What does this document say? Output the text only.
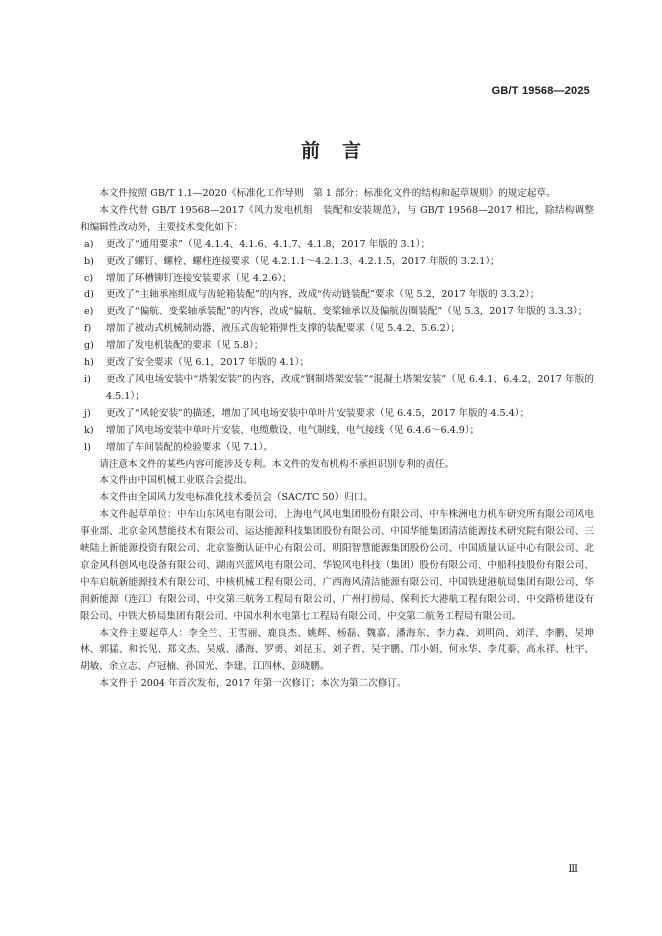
GB/T 19568—2025
前言

本文件按照 GB/T 1.1—2020《标准化工作导则　第 1 部分：标准化文件的结构和起草规则》的规定起草。

本文件代替 GB/T 19568—2017《风力发电机组　装配和安装规范》，与 GB/T 19568—2017 相比，除结构调整和编辑性改动外，主要技术变化如下：

a)	更改了“通用要求”（见 4.1.4、4.1.6、4.1.7、4.1.8，2017 年版的 3.1）；
b)	更改了螺钉、螺栓、螺柱连接要求（见 4.2.1.1～4.2.1.3、4.2.1.5，2017 年版的 3.2.1）；
c)	增加了环槽铆钉连接安装要求（见 4.2.6）；
d)	更改了“主轴承座组成与齿轮箱装配”的内容，改成“传动链装配”要求（见 5.2，2017 年版的 3.3.2）；
e)	更改了“偏航、变桨轴承装配”的内容，改成“偏航、变桨轴承以及偏航齿圈装配”（见 5.3，2017 年版的 3.3.3）；
f)	增加了被动式机械制动器、液压式齿轮箱弹性支撑的装配要求（见 5.4.2、5.6.2）；
g)	增加了发电机装配的要求（见 5.8）；
h)	更改了安全要求（见 6.1，2017 年版的 4.1）；
i)	更改了风电场安装中“塔架安装”的内容，改成“钢制塔架安装”“混凝土塔架安装”（见 6.4.1、6.4.2，2017 年版的 4.5.1）；
j)	更改了“风轮安装”的描述，增加了风电场安装中单叶片安装要求（见 6.4.5，2017 年版的 4.5.4）；
k)	增加了风电场安装中单叶片安装、电缆敷设、电气制线、电气接线（见 6.4.6～6.4.9）；
l)	增加了车间装配的检验要求（见 7.1）。

请注意本文件的某些内容可能涉及专利。本文件的发布机构不承担识别专利的责任。

本文件由中国机械工业联合会提出。

本文件由全国风力发电标准化技术委员会（SAC/TC 50）归口。

本文件起草单位：中车山东风电有限公司、上海电气风电集团股份有限公司、中车株洲电力机车研究所有限公司风电事业部、北京金风慧能技术有限公司、运达能源科技集团股份有限公司、中国华能集团清洁能源技术研究院有限公司、三峡陆上新能源投资有限公司、北京鉴衡认证中心有限公司、明阳智慧能源集团股份公司、中国质量认证中心有限公司、北京金风科创风电设备有限公司、湖南兴蓝风电有限公司、华锐风电科技（集团）股份有限公司、中船科技股份有限公司、中车启航新能源技术有限公司、中核机械工程有限公司、广西海风清洁能源有限公司、中国铁建港航局集团有限公司、华润新能源（连江）有限公司、中交第三航务工程局有限公司、广州打捞局、保利长大港航工程有限公司、中交路桥建设有限公司、中铁大桥局集团有限公司、中国水利水电第七工程局有限公司、中交第二航务工程局有限公司。

本文件主要起草人：李全兰、王雪丽、鹿良杰、姚辉、杨磊、魏嘉、潘海东、李力森、刘明尚、刘洋、李鹏、吴坤林、郭猛、和长见、郑文杰、吴威、潘海、罗勇、刘昆玉、刘子哲、吴宇鹏、邝小娟、何永华、李芃蓁、高永祥、杜宇、胡敏、余立志、卢冠楠、孙国光、李建、江四林、彭晓鹏。

本文件于 2004 年首次发布，2017 年第一次修订；本次为第二次修订。

Ⅲ
